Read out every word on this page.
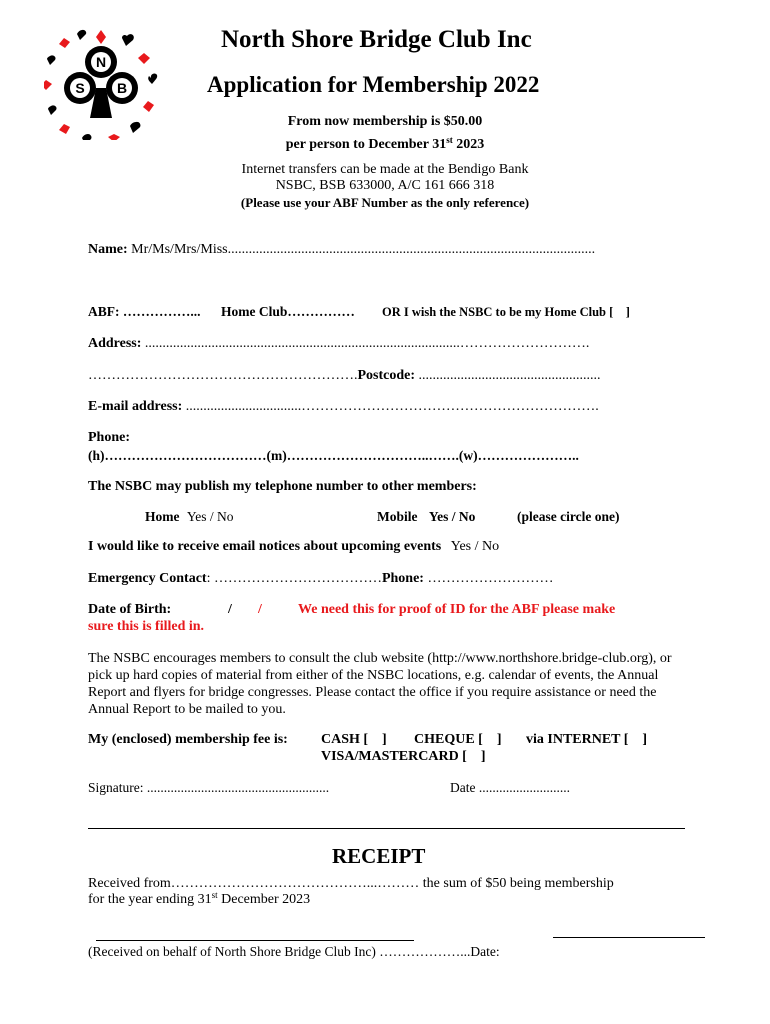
N
S B
North Shore Bridge Club Inc
Application for Membership 2022
From now membership is $50.00
per person to December 31st 2023
Internet transfers can be made at the Bendigo Bank
NSBC, BSB 633000, A/C 161 666 318
(Please use your ABF Number as the only reference)
Name: Mr/Ms/Mrs/Miss.........................................................................................................
ABF: ……………... Home Club…………… OR I wish the NSBC to be my Home Club [    ]
Address: ..........................................................................................……………………….
………………………………………………….Postcode: ....................................................
E-mail address: .................................……………………………………………………….
Phone:
(h)………………………………(m)…………………………..…….(w)…………………..
The NSBC may publish my telephone number to other members:
Home Yes / No	Mobile Yes / No	(please circle one)
I would like to receive email notices about upcoming events Yes / No
Emergency Contact: ………………………………Phone: ………………………
Date of Birth:	/ /	We need this for proof of ID for the ABF please make
sure this is filled in.
The NSBC encourages members to consult the club website (http://www.northshore.bridge-club.org), or pick up hard copies of material from either of the NSBC locations, e.g. calendar of events, the Annual Report and flyers for bridge congresses. Please contact the office if you require assistance or need the Annual Report to be mailed to you.
My (enclosed) membership fee is: CASH [    ] CHEQUE [    ] via INTERNET [    ]
VISA/MASTERCARD [    ]
Signature: ......................................................	Date ...........................
RECEIPT
Received from……………………………………...……… the sum of $50 being membership
for the year ending 31st December 2023
(Received on behalf of North Shore Bridge Club Inc) ………………...Date:
